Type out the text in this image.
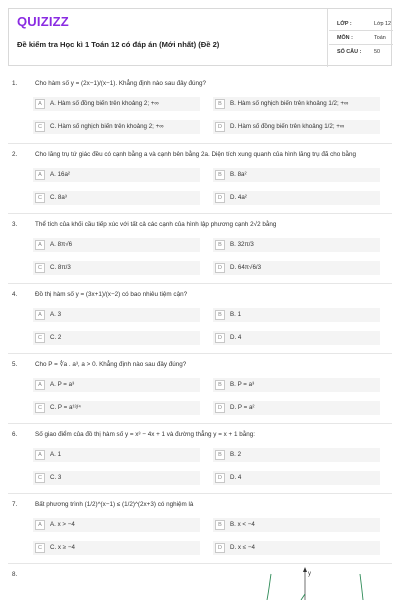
QUIZIZZ
Đề kiểm tra Học kì 1 Toán 12 có đáp án (Mới nhất) (Đề 2)
LỚP :	Lớp 12
MÔN :	Toán
SỐ CÂU : 50
1.	Cho hàm số y = (2x−1)/(x−1). Khẳng định nào sau đây đúng?
A	A. Hàm số đồng biến trên khoảng 2; +∞	B	B. Hàm số nghịch biến trên khoảng 1/2; +∞
C	C. Hàm số nghịch biến trên khoảng 2; +∞	D	D. Hàm số đồng biến trên khoảng 1/2; +∞
2.	Cho lăng trụ tứ giác đều có cạnh bằng a và cạnh bên bằng 2a. Diện tích xung quanh của hình lăng trụ đã cho bằng
A	A. 16a²	B	B. 8a²
C	C. 8a³	D	D. 4a²
3.	Thể tích của khối cầu tiếp xúc với tất cả các cạnh của hình lập phương cạnh 2√2 bằng
A	A. 8π√6	B	B. 32π/3
C	C. 8π/3	D	D. 64π√6/3
4.	Đồ thị hàm số y = (3x+1)/(x−2) có bao nhiêu tiệm cận?
A	A. 3	B	B. 1
C	C. 2	D	D. 4
5.	Cho P = ∜a . a³, a > 0. Khẳng định nào sau đây đúng?
A	A. P = a³	B	B. P = a³
C	C. P = a¹³/⁴	D	D. P = a²
6.	Số giao điểm của đồ thị hàm số y = x³ − 4x + 1 và đường thẳng y = x + 1 bằng:
A	A. 1	B	B. 2
C	C. 3	D	D. 4
7.	Bất phương trình (1/2)^(x−1) ≤ (1/2)^(2x+3) có nghiệm là
A	A. x > −4	B	B. x < −4
C	C. x ≥ −4	D	D. x ≤ −4
8.	y
